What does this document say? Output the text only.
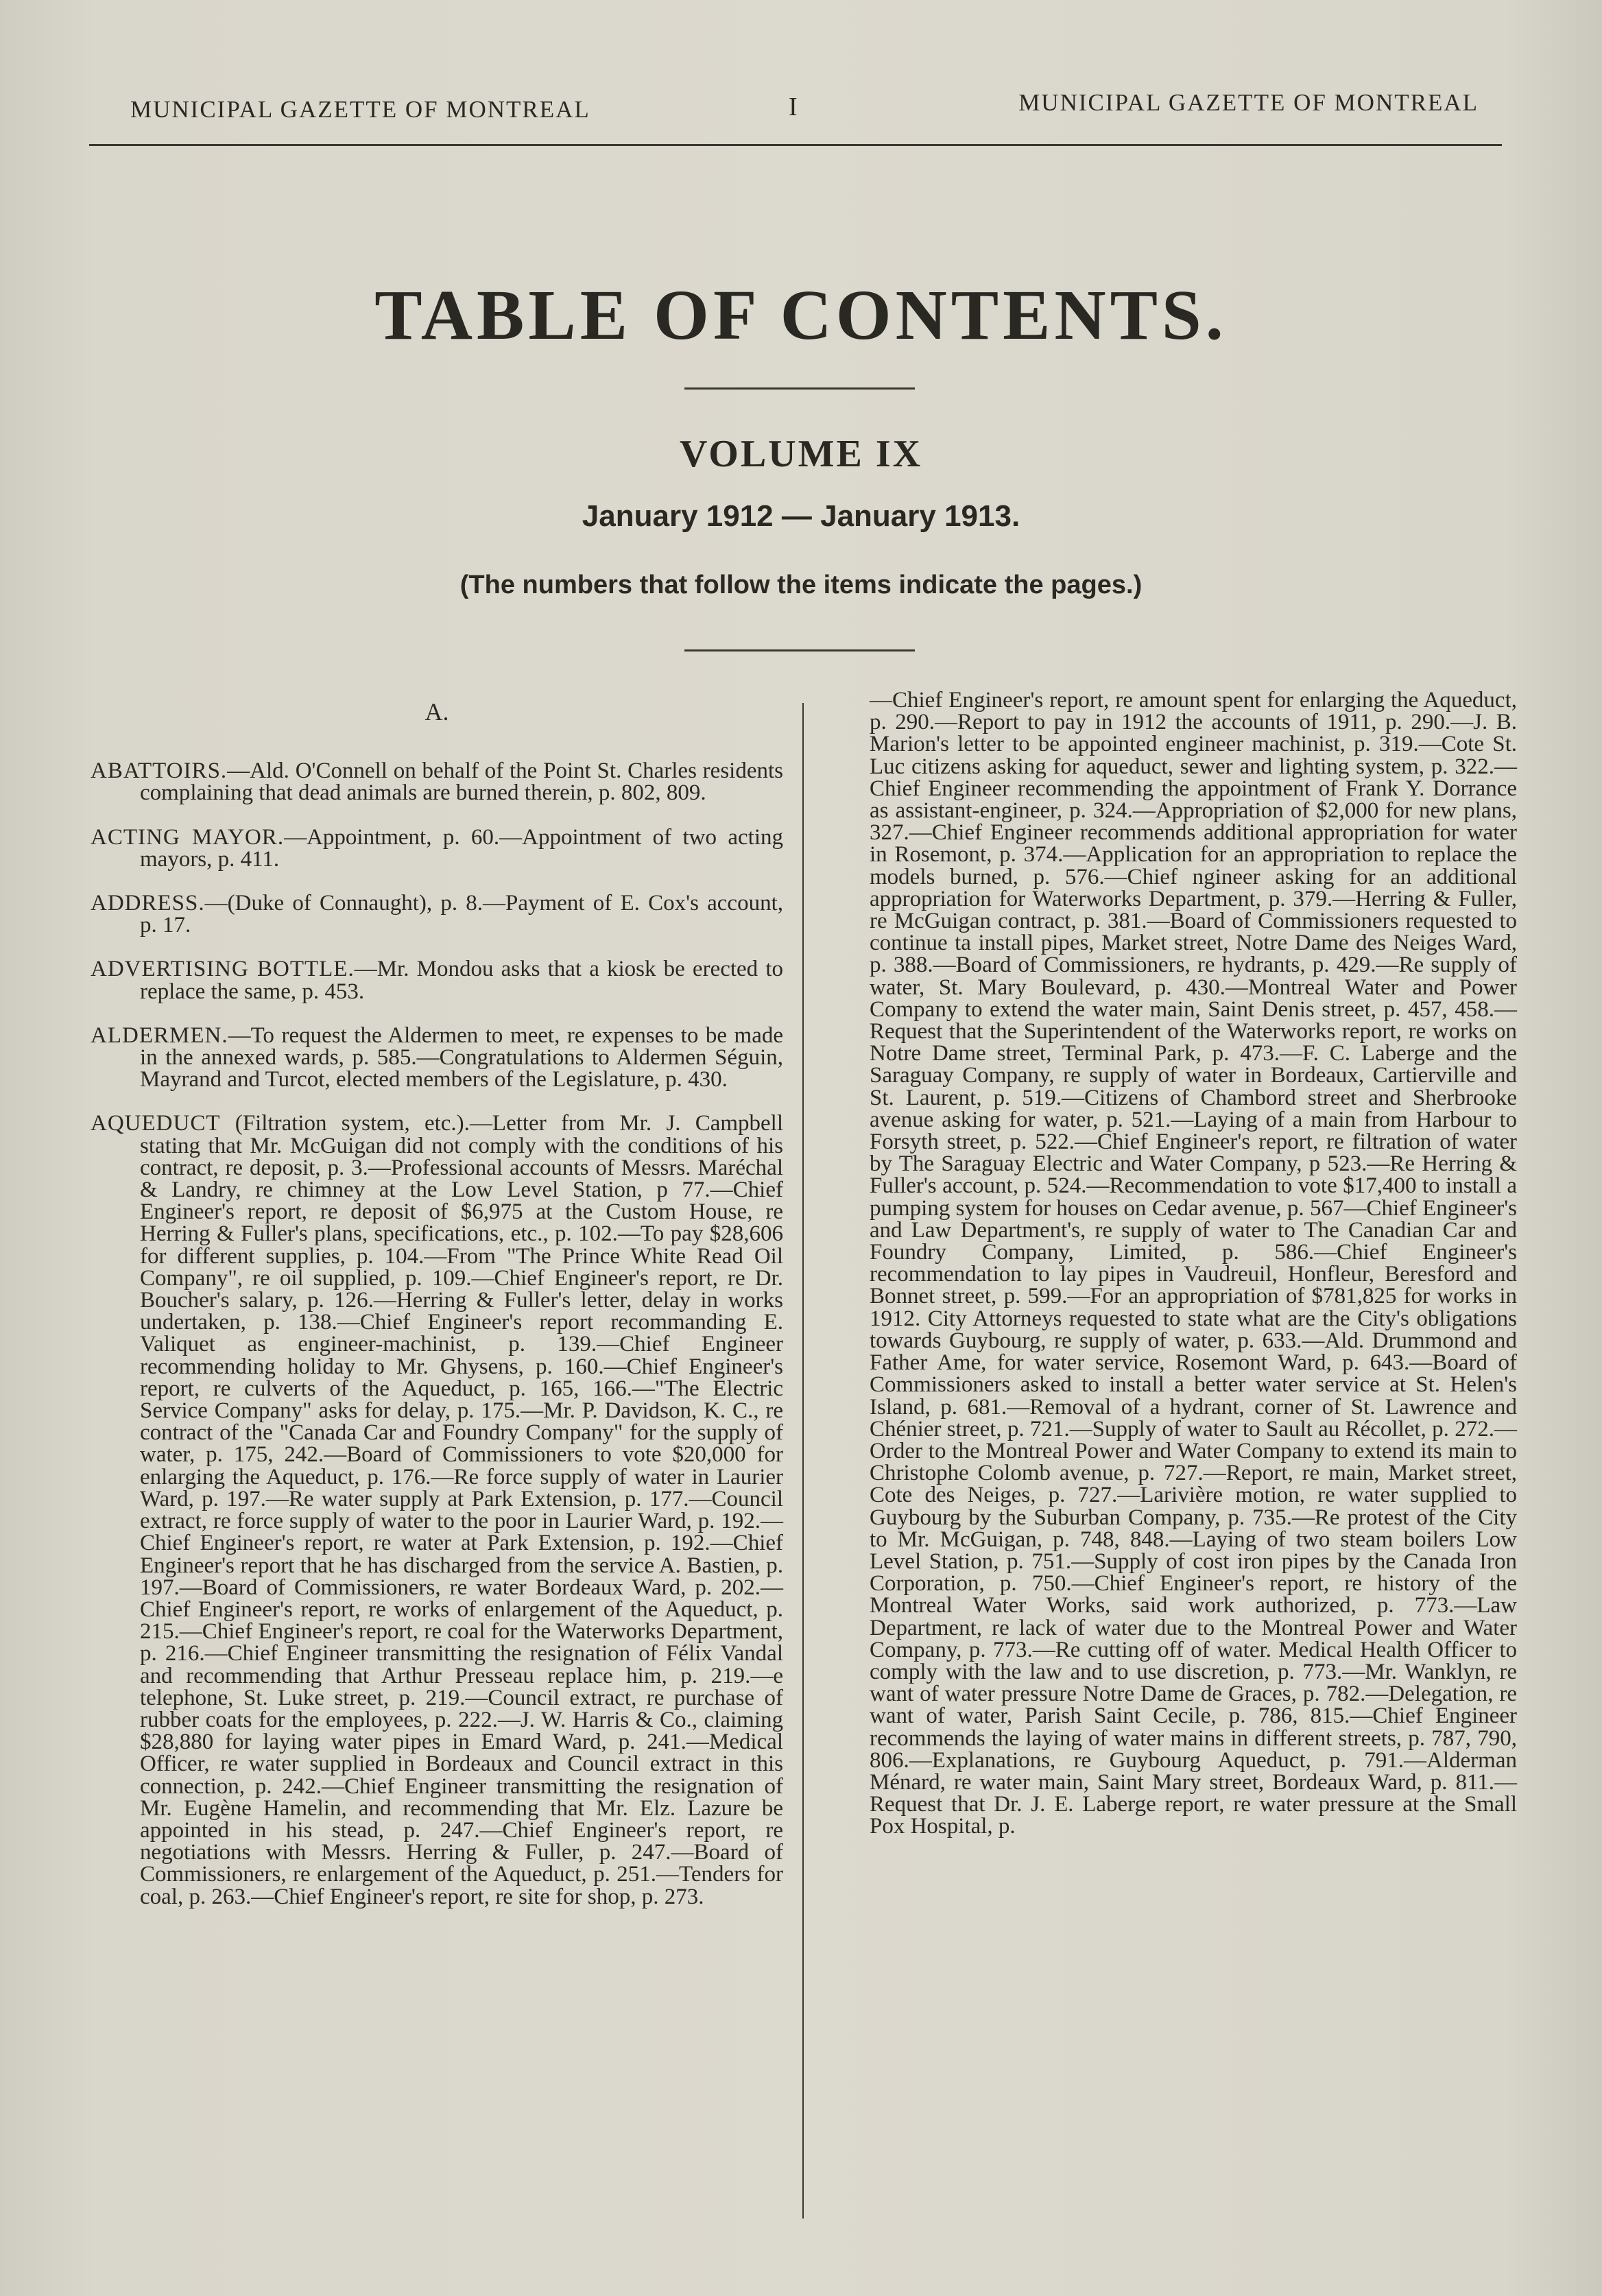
MUNICIPAL GAZETTE OF MONTREAL	I	MUNICIPAL GAZETTE OF MONTREAL
TABLE OF CONTENTS.
VOLUME IX
January 1912 — January 1913.
(The numbers that follow the items indicate the pages.)
A.

ABATTOIRS.—Ald. O'Connell on behalf of the Point St. Charles residents complaining that dead animals are burned therein, p. 802, 809.

ACTING MAYOR.—Appointment, p. 60.—Appointment of two acting mayors, p. 411.

ADDRESS.—(Duke of Connaught), p. 8.—Payment of E. Cox's account, p. 17.

ADVERTISING BOTTLE.—Mr. Mondou asks that a kiosk be erected to replace the same, p. 453.

ALDERMEN.—To request the Aldermen to meet, re expenses to be made in the annexed wards, p. 585.—Congratulations to Aldermen Séguin, Mayrand and Turcot, elected members of the Legislature, p. 430.

AQUEDUCT (Filtration system, etc.).—Letter from Mr. J. Campbell stating that Mr. McGuigan did not comply with the conditions of his contract, re deposit, p. 3.—Professional accounts of Messrs. Maréchal & Landry, re chimney at the Low Level Station, p 77.—Chief Engineer's report, re deposit of $6,975 at the Custom House, re Herring & Fuller's plans, specifications, etc., p. 102.—To pay $28,606 for different supplies, p. 104.—From "The Prince White Read Oil Company", re oil supplied, p. 109.—Chief Engineer's report, re Dr. Boucher's salary, p. 126.—Herring & Fuller's letter, delay in works undertaken, p. 138.—Chief Engineer's report recommanding E. Valiquet as engineer-machinist, p. 139.—Chief Engineer recommending holiday to Mr. Ghysens, p. 160.—Chief Engineer's report, re culverts of the Aqueduct, p. 165, 166.—"The Electric Service Company" asks for delay, p. 175.—Mr. P. Davidson, K. C., re contract of the "Canada Car and Foundry Company" for the supply of water, p. 175, 242.—Board of Commissioners to vote $20,000 for enlarging the Aqueduct, p. 176.—Re force supply of water in Laurier Ward, p. 197.—Re water supply at Park Extension, p. 177.—Council extract, re force supply of water to the poor in Laurier Ward, p. 192.—Chief Engineer's report, re water at Park Extension, p. 192.—Chief Engineer's report that he has discharged from the service A. Bastien, p. 197.—Board of Commissioners, re water Bordeaux Ward, p. 202.—Chief Engineer's report, re works of enlargement of the Aqueduct, p. 215.—Chief Engineer's report, re coal for the Waterworks Department, p. 216.—Chief Engineer transmitting the resignation of Félix Vandal and recommending that Arthur Presseau replace him, p. 219.—e telephone, St. Luke street, p. 219.—Council extract, re purchase of rubber coats for the employees, p. 222.—J. W. Harris & Co., claiming $28,880 for laying water pipes in Emard Ward, p. 241.—Medical Officer, re water supplied in Bordeaux and Council extract in this connection, p. 242.—Chief Engineer transmitting the resignation of Mr. Eugène Hamelin, and recommending that Mr. Elz. Lazure be appointed in his stead, p. 247.—Chief Engineer's report, re negotiations with Messrs. Herring & Fuller, p. 247.—Board of Commissioners, re enlargement of the Aqueduct, p. 251.—Tenders for coal, p. 263.—Chief Engineer's report, re site for shop, p. 273.

—Chief Engineer's report, re amount spent for enlarging the Aqueduct, p. 290.—Report to pay in 1912 the accounts of 1911, p. 290.—J. B. Marion's letter to be appointed engineer machinist, p. 319.—Cote St. Luc citizens asking for aqueduct, sewer and lighting system, p. 322.—Chief Engineer recommending the appointment of Frank Y. Dorrance as assistant-engineer, p. 324.—Appropriation of $2,000 for new plans, 327.—Chief Engineer recommends additional appropriation for water in Rosemont, p. 374.—Application for an appropriation to replace the models burned, p. 576.—Chief ngineer asking for an additional appropriation for Waterworks Department, p. 379.—Herring & Fuller, re McGuigan contract, p. 381.—Board of Commissioners requested to continue ta install pipes, Market street, Notre Dame des Neiges Ward, p. 388.—Board of Commissioners, re hydrants, p. 429.—Re supply of water, St. Mary Boulevard, p. 430.—Montreal Water and Power Company to extend the water main, Saint Denis street, p. 457, 458.—Request that the Superintendent of the Waterworks report, re works on Notre Dame street, Terminal Park, p. 473.—F. C. Laberge and the Saraguay Company, re supply of water in Bordeaux, Cartierville and St. Laurent, p. 519.—Citizens of Chambord street and Sherbrooke avenue asking for water, p. 521.—Laying of a main from Harbour to Forsyth street, p. 522.—Chief Engineer's report, re filtration of water by The Saraguay Electric and Water Company, p 523.—Re Herring & Fuller's account, p. 524.—Recommendation to vote $17,400 to install a pumping system for houses on Cedar avenue, p. 567—Chief Engineer's and Law Department's, re supply of water to The Canadian Car and Foundry Company, Limited, p. 586.—Chief Engineer's recommendation to lay pipes in Vaudreuil, Honfleur, Beresford and Bonnet street, p. 599.—For an appropriation of $781,825 for works in 1912. City Attorneys requested to state what are the City's obligations towards Guybourg, re supply of water, p. 633.—Ald. Drummond and Father Ame, for water service, Rosemont Ward, p. 643.—Board of Commissioners asked to install a better water service at St. Helen's Island, p. 681.—Removal of a hydrant, corner of St. Lawrence and Chénier street, p. 721.—Supply of water to Sault au Récollet, p. 272.—Order to the Montreal Power and Water Company to extend its main to Christophe Colomb avenue, p. 727.—Report, re main, Market street, Cote des Neiges, p. 727.—Larivière motion, re water supplied to Guybourg by the Suburban Company, p. 735.—Re protest of the City to Mr. McGuigan, p. 748, 848.—Laying of two steam boilers Low Level Station, p. 751.—Supply of cost iron pipes by the Canada Iron Corporation, p. 750.—Chief Engineer's report, re history of the Montreal Water Works, said work authorized, p. 773.—Law Department, re lack of water due to the Montreal Power and Water Company, p. 773.—Re cutting off of water. Medical Health Officer to comply with the law and to use discretion, p. 773.—Mr. Wanklyn, re want of water pressure Notre Dame de Graces, p. 782.—Delegation, re want of water, Parish Saint Cecile, p. 786, 815.—Chief Engineer recommends the laying of water mains in different streets, p. 787, 790, 806.—Explanations, re Guybourg Aqueduct, p. 791.—Alderman Ménard, re water main, Saint Mary street, Bordeaux Ward, p. 811.—Request that Dr. J. E. Laberge report, re water pressure at the Small Pox Hospital, p.
